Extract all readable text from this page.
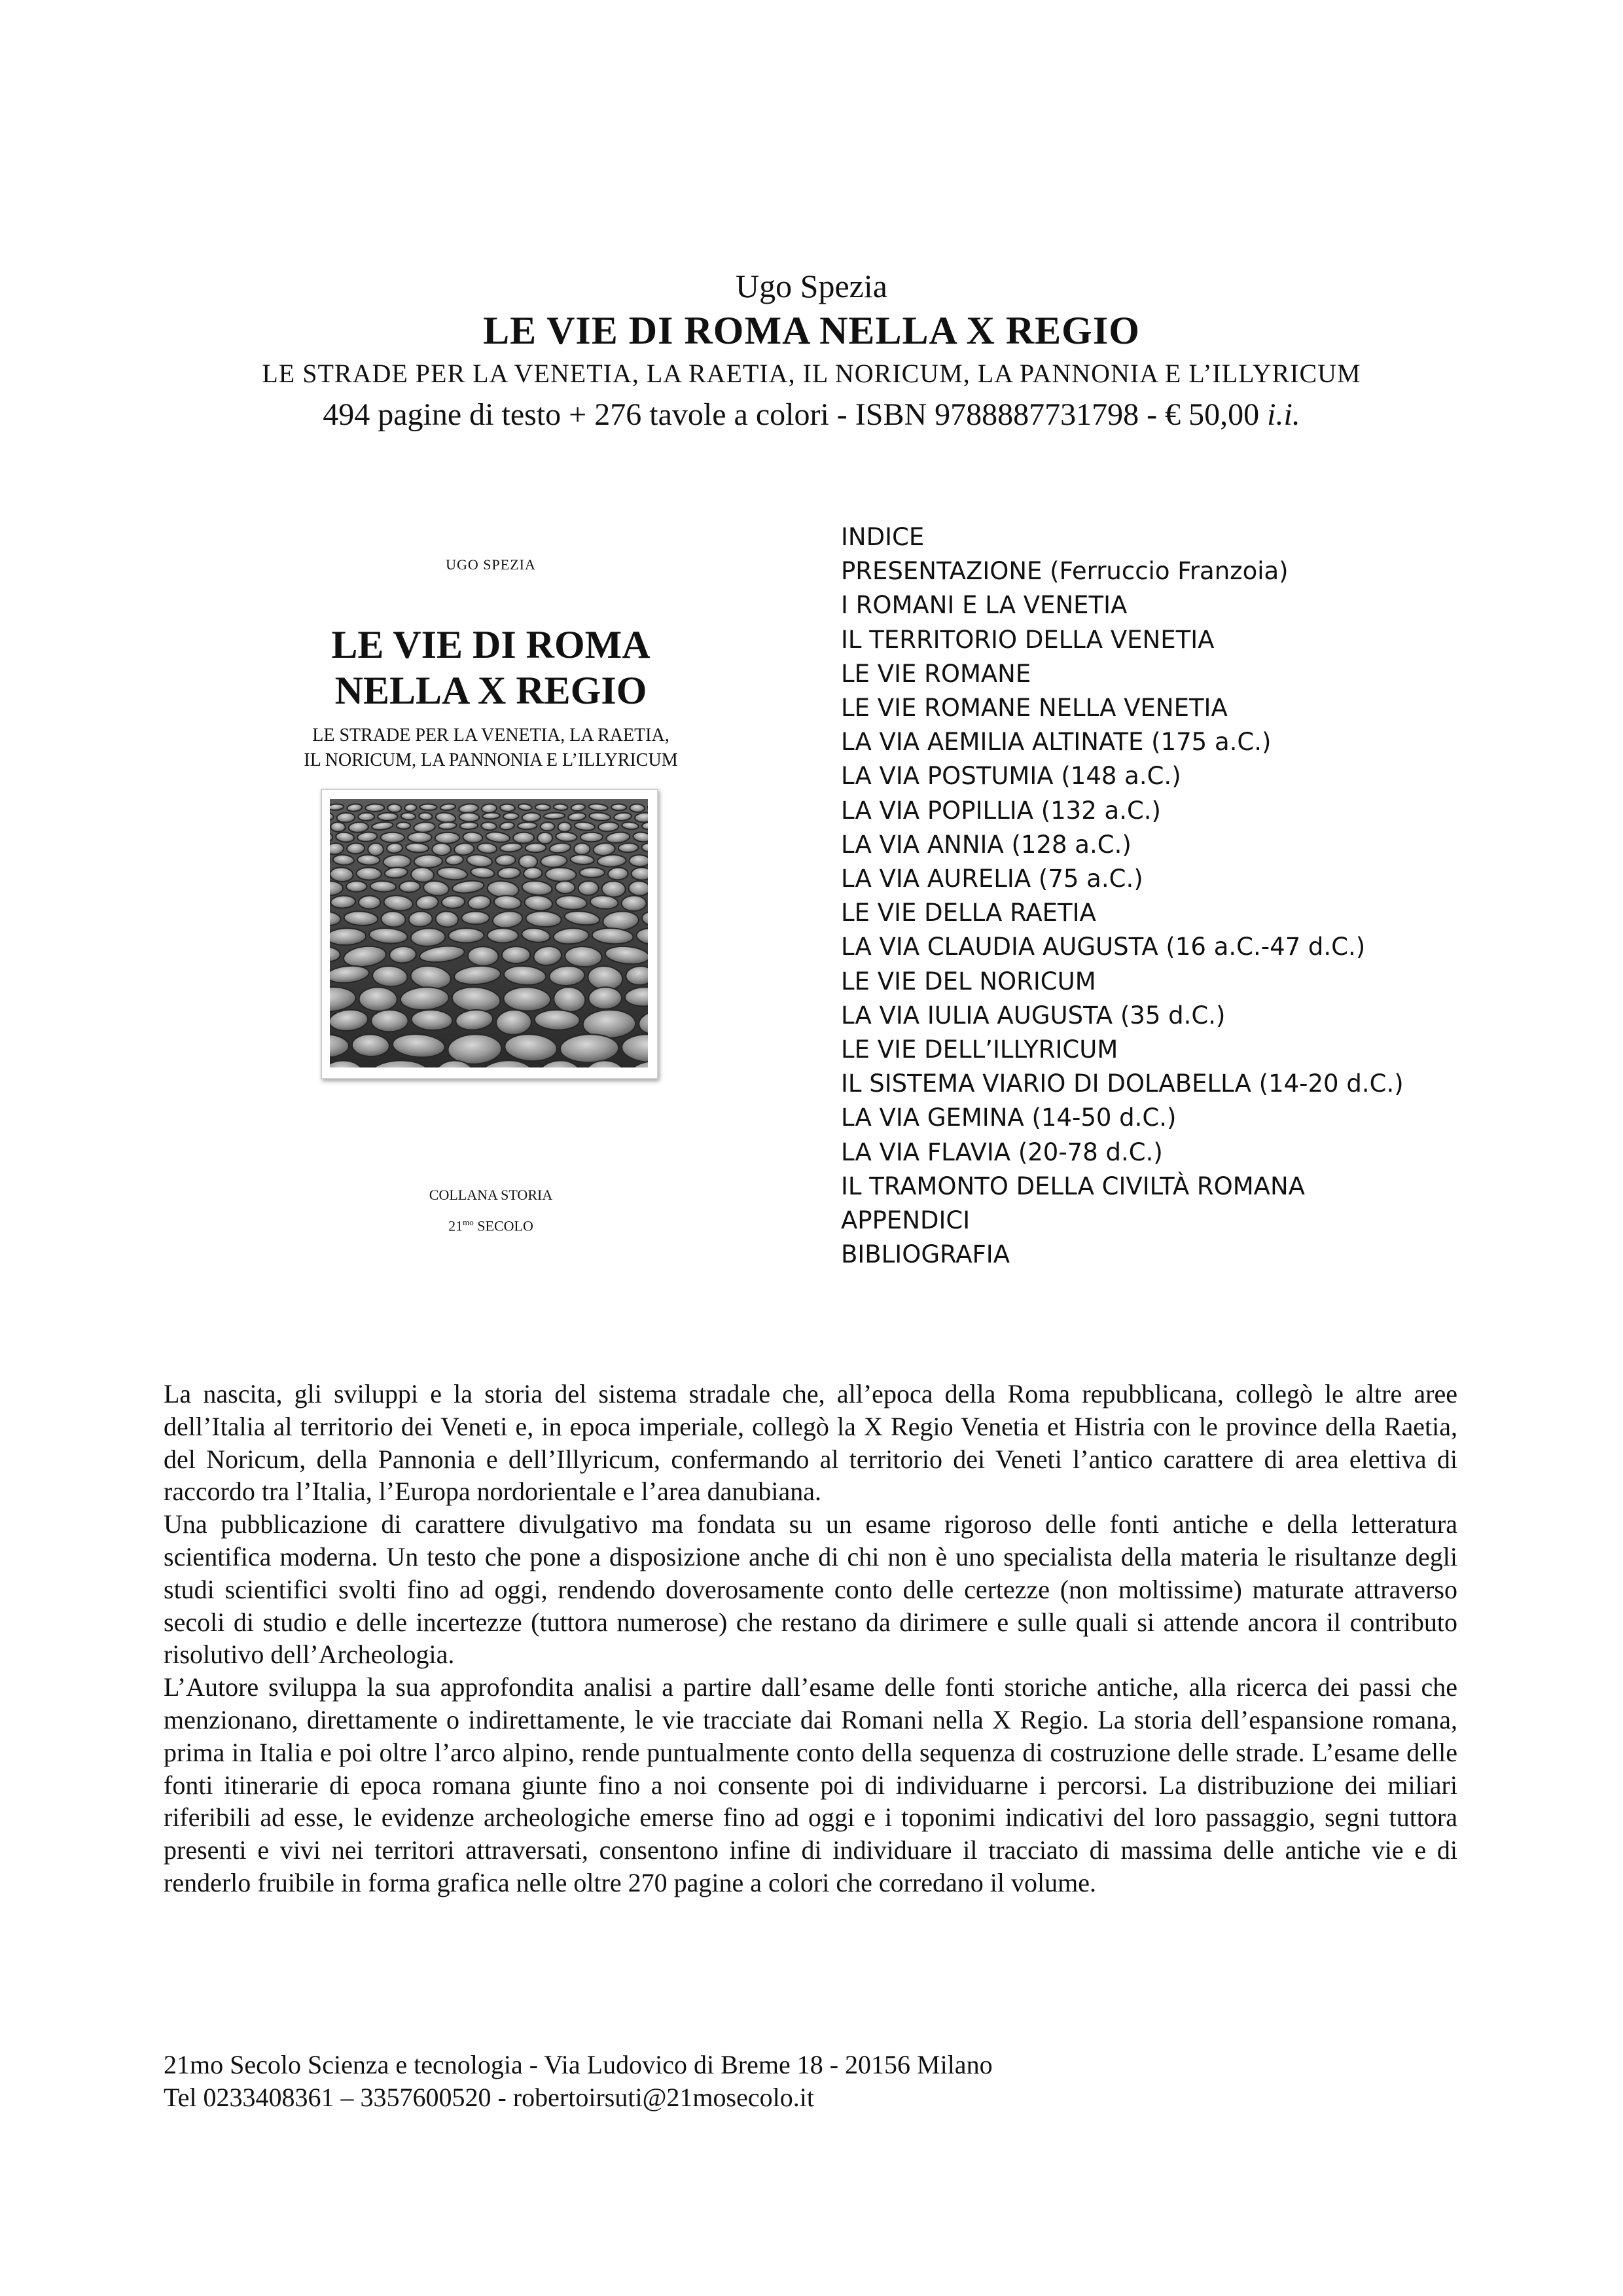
Ugo Spezia
LE VIE DI ROMA NELLA X REGIO
LE STRADE PER LA VENETIA, LA RAETIA, IL NORICUM, LA PANNONIA E L’ILLYRICUM
494 pagine di testo + 276 tavole a colori - ISBN 9788887731798 - € 50,00 i.i.
UGO SPEZIA
LE VIE DI ROMA
NELLA X REGIO
LE STRADE PER LA VENETIA, LA RAETIA,
IL NORICUM, LA PANNONIA E L’ILLYRICUM
COLLANA STORIA
$21^{mo}$ SECOLO
INDICE
PRESENTAZIONE (Ferruccio Franzoia)
I ROMANI E LA VENETIA
IL TERRITORIO DELLA VENETIA
LE VIE ROMANE
LE VIE ROMANE NELLA VENETIA
LA VIA AEMILIA ALTINATE (175 a.C.)
LA VIA POSTUMIA (148 a.C.)
LA VIA POPILLIA (132 a.C.)
LA VIA ANNIA (128 a.C.)
LA VIA AURELIA (75 a.C.)
LE VIE DELLA RAETIA
LA VIA CLAUDIA AUGUSTA (16 a.C.-47 d.C.)
LE VIE DEL NORICUM
LA VIA IULIA AUGUSTA (35 d.C.)
LE VIE DELL’ILLYRICUM
IL SISTEMA VIARIO DI DOLABELLA (14-20 d.C.)
LA VIA GEMINA (14-50 d.C.)
LA VIA FLAVIA (20-78 d.C.)
IL TRAMONTO DELLA CIVILTÀ ROMANA
APPENDICI
BIBLIOGRAFIA

La nascita, gli sviluppi e la storia del sistema stradale che, all’epoca della Roma repubblicana, collegò le altre aree dell’Italia al territorio dei Veneti e, in epoca imperiale, collegò la X Regio Venetia et Histria con le province della Raetia, del Noricum, della Pannonia e dell’Illyricum, confermando al territorio dei Veneti l’antico carattere di area elettiva di raccordo tra l’Italia, l’Europa nordorientale e l’area danubiana.

Una pubblicazione di carattere divulgativo ma fondata su un esame rigoroso delle fonti antiche e della letteratura scientifica moderna. Un testo che pone a disposizione anche di chi non è uno specialista della materia le risultanze degli studi scientifici svolti fino ad oggi, rendendo doverosamente conto delle certezze (non moltissime) maturate attraverso secoli di studio e delle incertezze (tuttora numerose) che restano da dirimere e sulle quali si attende ancora il contributo risolutivo dell’Archeologia.

L’Autore sviluppa la sua approfondita analisi a partire dall’esame delle fonti storiche antiche, alla ricerca dei passi che menzionano, direttamente o indirettamente, le vie tracciate dai Romani nella X Regio. La storia dell’espansione romana, prima in Italia e poi oltre l’arco alpino, rende puntualmente conto della sequenza di costruzione delle strade. L’esame delle fonti itinerarie di epoca romana giunte fino a noi consente poi di individuarne i percorsi. La distribuzione dei miliari riferibili ad esse, le evidenze archeologiche emerse fino ad oggi e i toponimi indicativi del loro passaggio, segni tuttora presenti e vivi nei territori attraversati, consentono infine di individuare il tracciato di massima delle antiche vie e di renderlo fruibile in forma grafica nelle oltre 270 pagine a colori che corredano il volume.

21mo Secolo Scienza e tecnologia - Via Ludovico di Breme 18 - 20156 Milano
Tel 0233408361 – 3357600520 - robertoirsuti@21mosecolo.it
